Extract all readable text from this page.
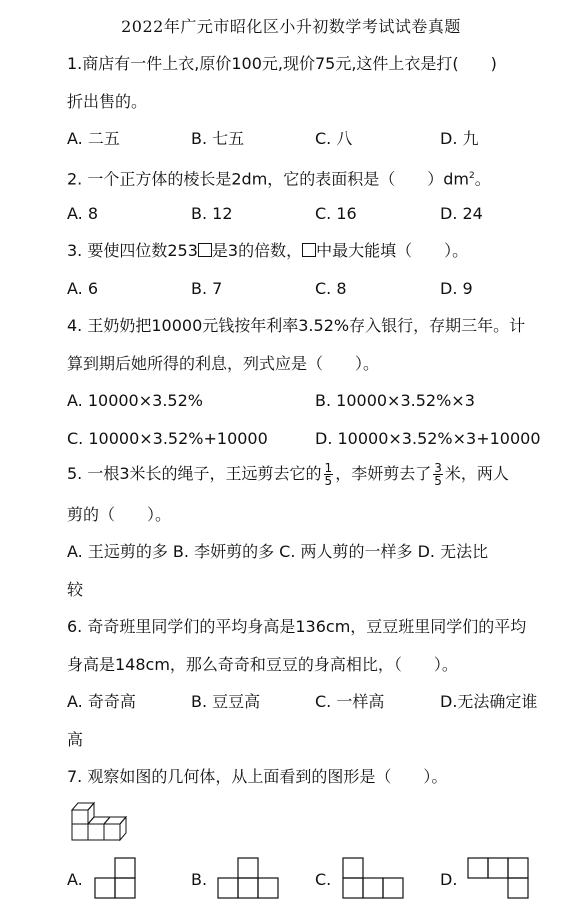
2022年广元市昭化区小升初数学考试试卷真题
1.商店有一件上衣,原价100元,现价75元,这件上衣是打(　　)
折出售的。
A. 二五	B. 七五	C. 八	D. 九
2. 一个正方体的棱长是2dm，它的表面积是（　　）$dm^2$。
A. 8	B. 12	C. 16	D. 24
3. 要使四位数253 是3的倍数， 中最大能填（　　）。
A. 6	B. 7	C. 8	D. 9
4. 王奶奶把10000元钱按年利率3.52%存入银行，存期三年。计
算到期后她所得的利息，列式应是（　　）。
A. 10000×3.52%	B. 10000×3.52%×3
C. 10000×3.52%+10000	D. 10000×3.52%×3+10000
5. 一根3米长的绳子，王远剪去它的 $\frac{1}{5}$ ，李妍剪去了 $\frac{3}{5}$ 米，两人
剪的（　　）。
A. 王远剪的多 B. 李妍剪的多 C. 两人剪的一样多 D. 无法比
较
6. 奇奇班里同学们的平均身高是136cm，豆豆班里同学们的平均
身高是148cm，那么奇奇和豆豆的身高相比，（　　）。
A. 奇奇高	B. 豆豆高	C. 一样高	D.无法确定谁
高
7. 观察如图的几何体，从上面看到的图形是（　　）。
A.	B.	C.	D.
